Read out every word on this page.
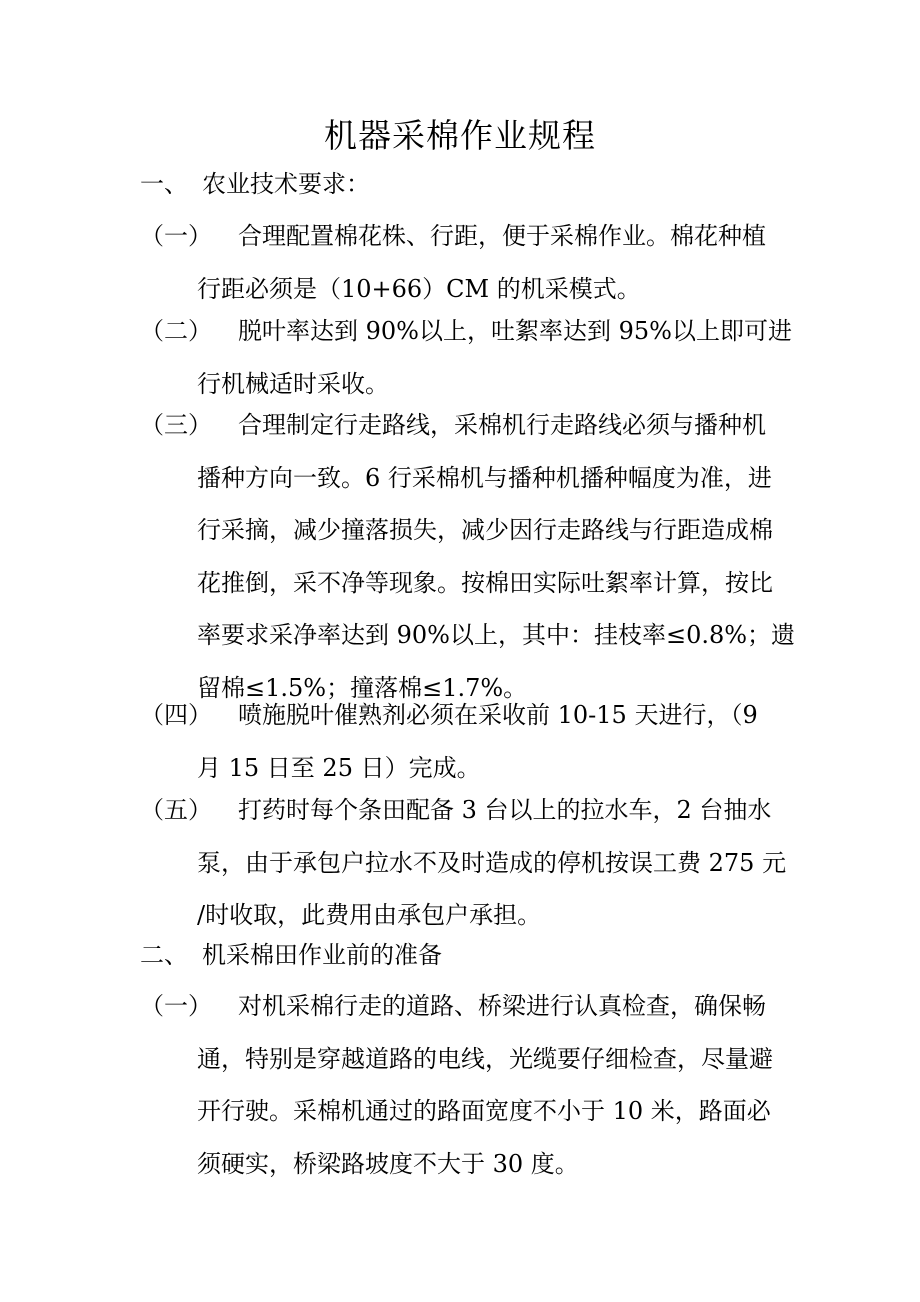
机器采棉作业规程
一、 农业技术要求：
（一）	合理配置棉花株、行距，便于采棉作业。棉花种植
行距必须是（10+66）CM 的机采模式。
（二）	脱叶率达到 90%以上，吐絮率达到 95%以上即可进
行机械适时采收。
（三）	合理制定行走路线，采棉机行走路线必须与播种机
播种方向一致。6 行采棉机与播种机播种幅度为准，进
行采摘，减少撞落损失，减少因行走路线与行距造成棉
花推倒，采不净等现象。按棉田实际吐絮率计算，按比
率要求采净率达到 90%以上，其中：挂枝率≤0.8%；遗
留棉≤1.5%；撞落棉≤1.7%。
（四）	喷施脱叶催熟剂必须在采收前 10-15 天进行，（9
月 15 日至 25 日）完成。
（五）	打药时每个条田配备 3 台以上的拉水车，2 台抽水
泵，由于承包户拉水不及时造成的停机按误工费 275 元
/时收取，此费用由承包户承担。
二、 机采棉田作业前的准备
（一）	对机采棉行走的道路、桥梁进行认真检查，确保畅
通，特别是穿越道路的电线，光缆要仔细检查，尽量避
开行驶。采棉机通过的路面宽度不小于 10 米，路面必
须硬实，桥梁路坡度不大于 30 度。
